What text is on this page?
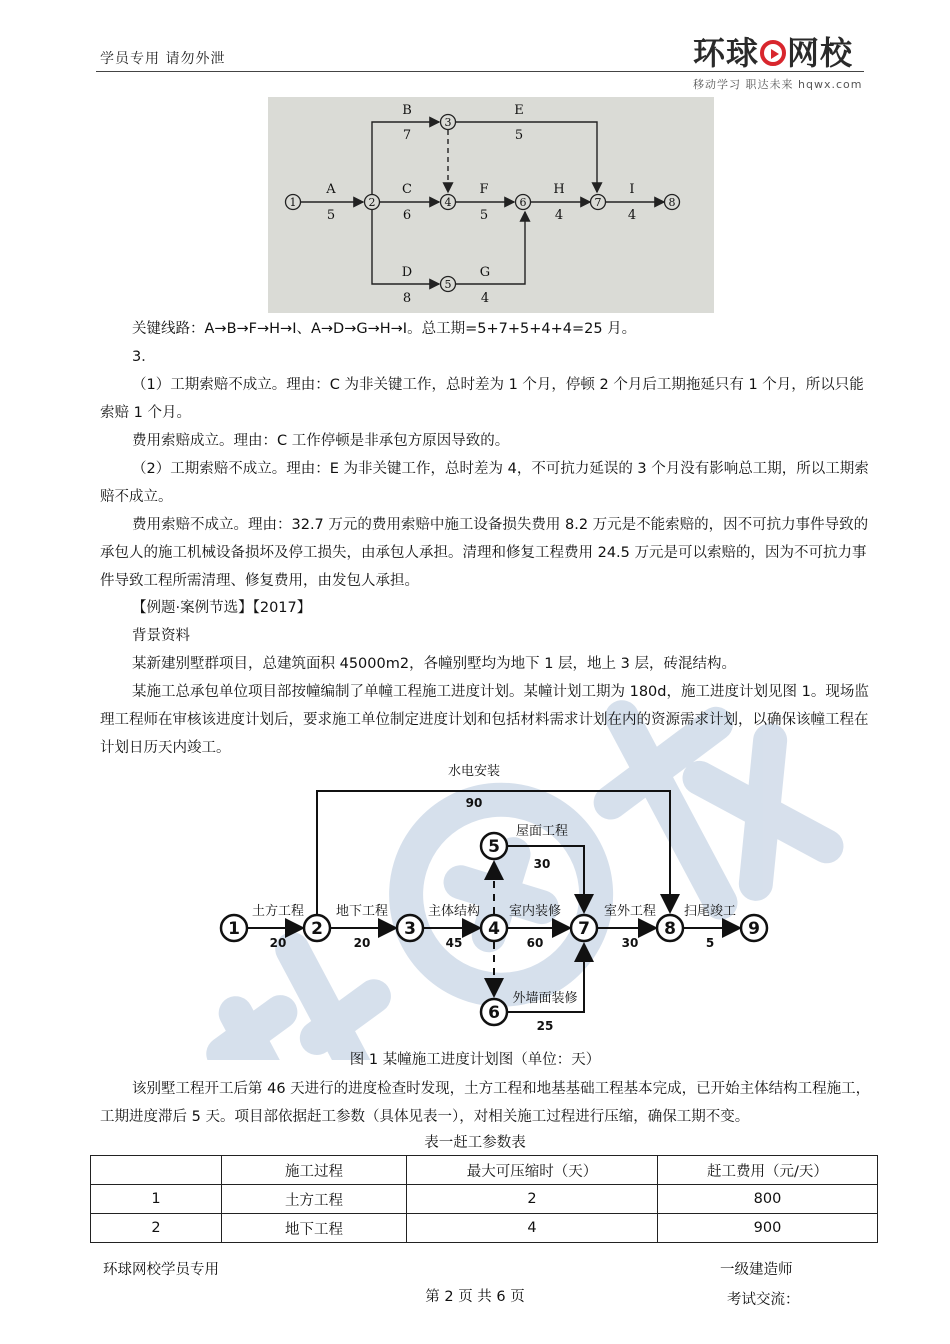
学员专用 请勿外泄	环球 网校
移动学习 职达未来 hqwx.com
1	2
3
4
5
6	7	8
A
5
B
7
C
6
D
8
E
5
F
5
G
4
H
4
I
4
关键线路：A→B→F→H→I、A→D→G→H→I。总工期=5+7+5+4+4=25 月。
3．
（1）工期索赔不成立。理由：C 为非关键工作，总时差为 1 个月，停顿 2 个月后工期拖延只有 1 个月，所以只能索赔 1 个月。
费用索赔成立。理由：C 工作停顿是非承包方原因导致的。
（2）工期索赔不成立。理由：E 为非关键工作，总时差为 4，不可抗力延误的 3 个月没有影响总工期，所以工期索赔不成立。
费用索赔不成立。理由：32.7 万元的费用索赔中施工设备损失费用 8.2 万元是不能索赔的，因不可抗力事件导致的承包人的施工机械设备损坏及停工损失，由承包人承担。清理和修复工程费用 24.5 万元是可以索赔的，因为不可抗力事件导致工程所需清理、修复费用，由发包人承担。
【例题·案例节选】【2017】
背景资料
某新建别墅群项目，总建筑面积 45000m2，各幢别墅均为地下 1 层，地上 3 层，砖混结构。
某施工总承包单位项目部按幢编制了单幢工程施工进度计划。某幢计划工期为 180d，施工进度计划见图 1。现场监理工程师在审核该进度计划后，要求施工单位制定进度计划和包括材料需求计划在内的资源需求计划，以确保该幢工程在计划日历天内竣工。
1	2	3	4
5
6
7	8	9
土方工程 地下工程	主体结构 室内装修	室外工程 扫尾竣工
水电安装
屋面工程
外墙面装修
20	20	45	60	30	5
90
30
25
图 1 某幢施工进度计划图（单位：天）
该别墅工程开工后第 46 天进行的进度检查时发现，土方工程和地基基础工程基本完成，已开始主体结构工程施工，工期进度滞后 5 天。项目部依据赶工参数（具体见表一），对相关施工过程进行压缩，确保工期不变。
表一赶工参数表
	施工过程	最大可压缩时（天）	赶工费用（元/天）
1	土方工程	2	800
2	地下工程	4	900
环球网校学员专用	一级建造师
第 2 页 共 6 页	考试交流：
